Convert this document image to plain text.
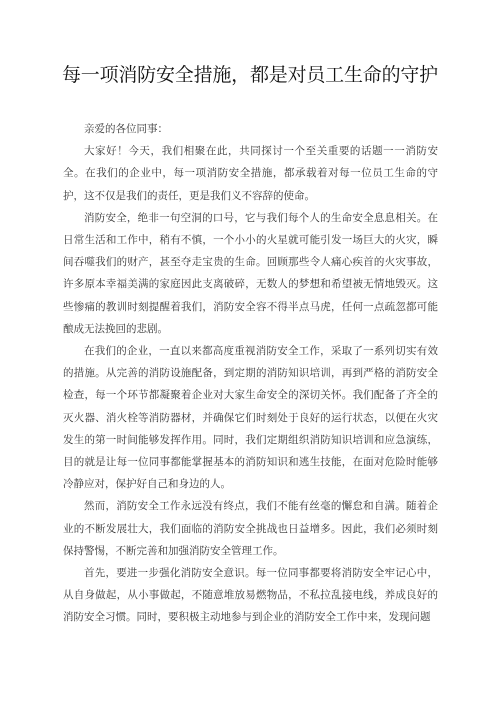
每一项消防安全措施，都是对员工生命的守护

亲爱的各位同事：

大家好！今天，我们相聚在此，共同探讨一个至关重要的话题一一消防安全。在我们的企业中，每一项消防安全措施，都承载着对每一位员工生命的守护，这不仅是我们的责任，更是我们义不容辞的使命。

消防安全，绝非一句空洞的口号，它与我们每个人的生命安全息息相关。在日常生活和工作中，稍有不慎，一个小小的火星就可能引发一场巨大的火灾，瞬间吞噬我们的财产，甚至夺走宝贵的生命。回顾那些令人痛心疾首的火灾事故，许多原本幸福美满的家庭因此支离破碎，无数人的梦想和希望被无情地毁灭。这些惨痛的教训时刻提醒着我们，消防安全容不得半点马虎，任何一点疏忽都可能酿成无法挽回的悲剧。

在我们的企业，一直以来都高度重视消防安全工作，采取了一系列切实有效的措施。从完善的消防设施配备，到定期的消防知识培训，再到严格的消防安全检查，每一个环节都凝聚着企业对大家生命安全的深切关怀。我们配备了齐全的灭火器、消火栓等消防器材，并确保它们时刻处于良好的运行状态，以便在火灾发生的第一时间能够发挥作用。同时，我们定期组织消防知识培训和应急演练，目的就是让每一位同事都能掌握基本的消防知识和逃生技能，在面对危险时能够冷静应对，保护好自己和身边的人。

然而，消防安全工作永远没有终点，我们不能有丝毫的懈怠和自满。随着企业的不断发展壮大，我们面临的消防安全挑战也日益增多。因此，我们必须时刻保持警惕，不断完善和加强消防安全管理工作。

首先，要进一步强化消防安全意识。每一位同事都要将消防安全牢记心中，从自身做起，从小事做起，不随意堆放易燃物品，不私拉乱接电线，养成良好的消防安全习惯。同时，要积极主动地参与到企业的消防安全工作中来，发现问题
